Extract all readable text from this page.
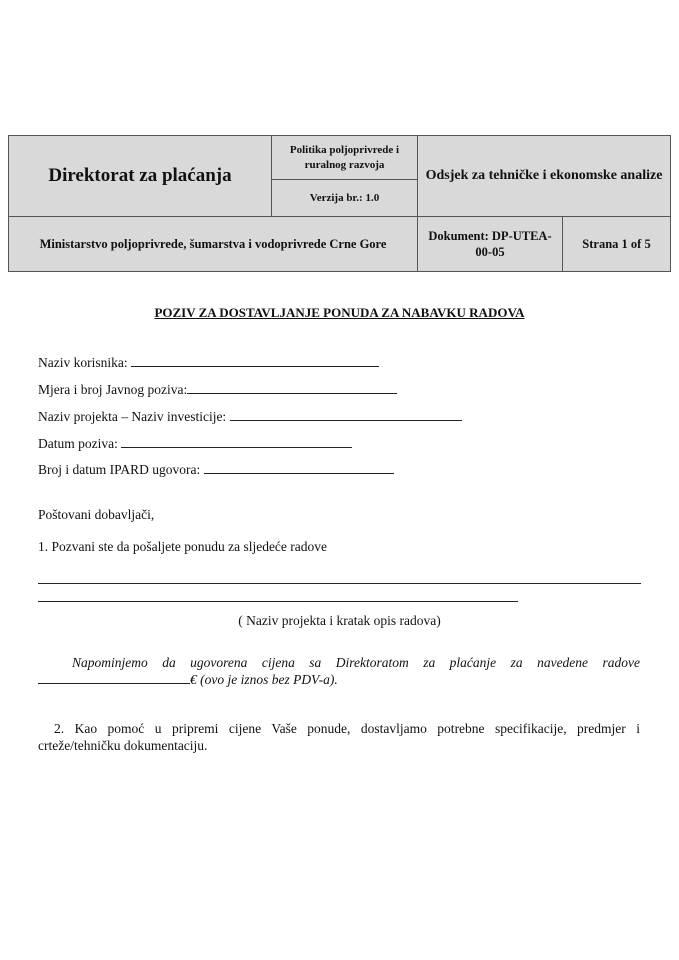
Direktorat za plaćanja	Politika poljoprivrede i ruralnog razvoja	Odsjek za tehničke i ekonomske analize	
	Verzija br.: 1.0		
Ministarstvo poljoprivrede, šumarstva i vodoprivrede Crne Gore		Dokument: DP-UTEA-00-05	Strana 1 of 5
POZIV ZA DOSTAVLJANJE PONUDA ZA NABAVKU RADOVA
Naziv korisnika:
Mjera i broj Javnog poziva:
Naziv projekta – Naziv investicije:
Datum poziva:
Broj i datum IPARD ugovora:
Poštovani dobavljači,
1. Pozvani ste da pošaljete ponudu za sljedeće radove
( Naziv projekta i kratak opis radova)
Napominjemo da ugovorena cijena sa Direktoratom za plaćanje za navedene radove€ (ovo je iznos bez PDV-a).
2. Kao pomoć u pripremi cijene Vaše ponude, dostavljamo potrebne specifikacije, predmjer i crteže/tehničku dokumentaciju.
